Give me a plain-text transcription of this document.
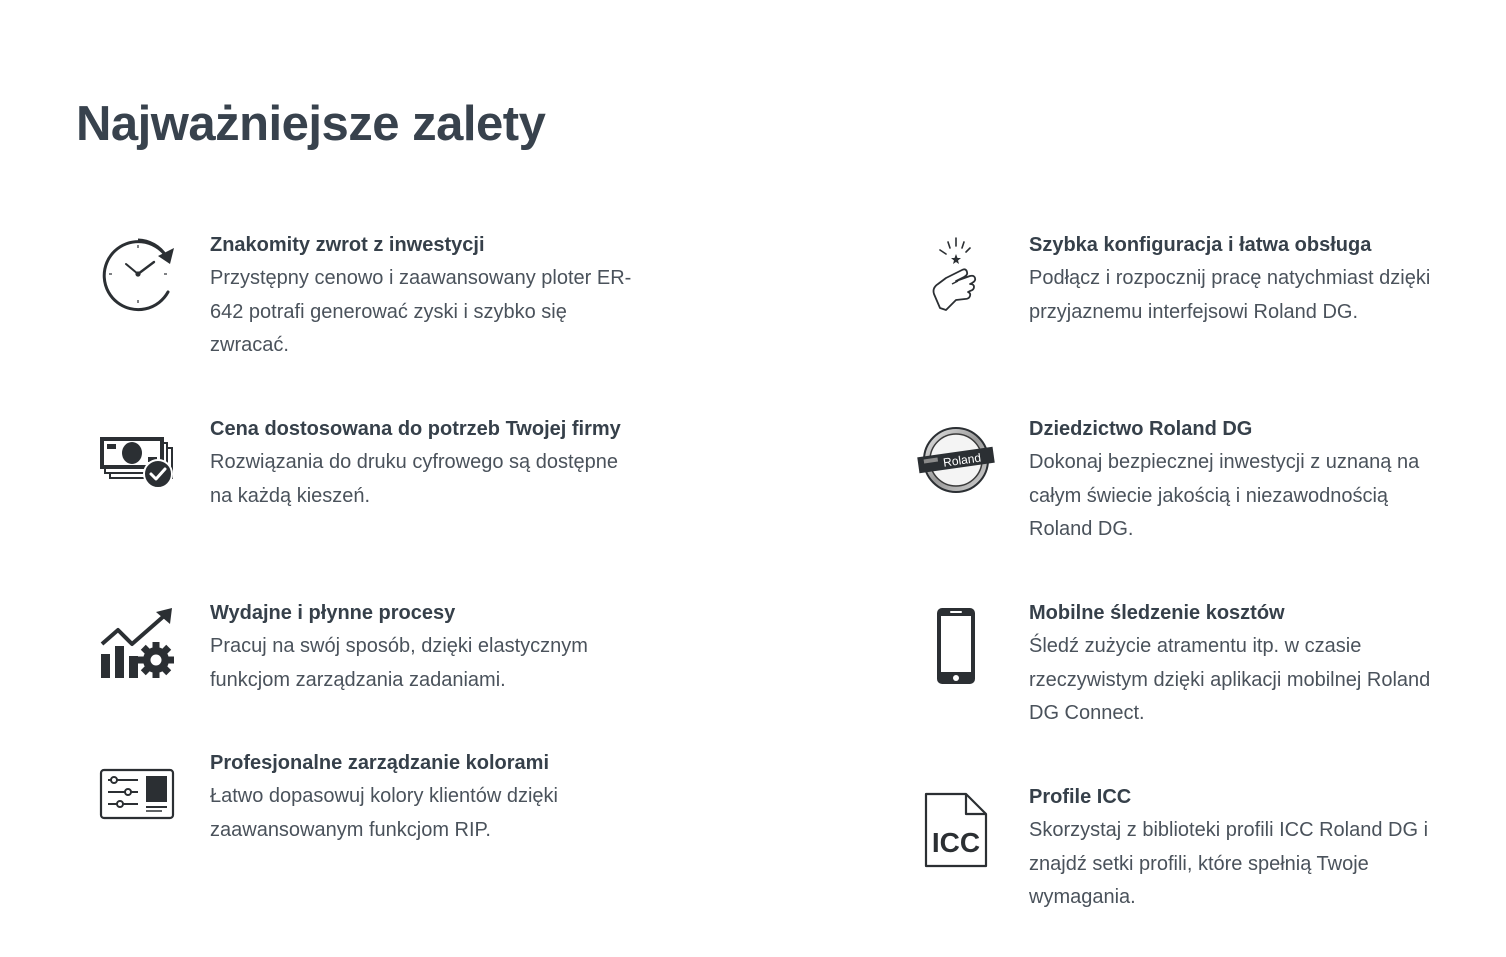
Najważniejsze zalety

Znakomity zwrot z inwestycji

Przystępny cenowo i zaawansowany ploter ER-642 potrafi generować zyski i szybko się zwracać.

Cena dostosowana do potrzeb Twojej firmy

Rozwiązania do druku cyfrowego są dostępne na każdą kieszeń.

Wydajne i płynne procesy

Pracuj na swój sposób, dzięki elastycznym funkcjom zarządzania zadaniami.

Profesjonalne zarządzanie kolorami

Łatwo dopasowuj kolory klientów dzięki zaawansowanym funkcjom RIP.

Szybka konfiguracja i łatwa obsługa

Podłącz i rozpocznij pracę natychmiast dzięki przyjaznemu interfejsowi Roland DG.

Roland

Dziedzictwo Roland DG

Dokonaj bezpiecznej inwestycji z uznaną na całym świecie jakością i niezawodnością Roland DG.

Mobilne śledzenie kosztów

Śledź zużycie atramentu itp. w czasie rzeczywistym dzięki aplikacji mobilnej Roland DG Connect.

ICC

Profile ICC

Skorzystaj z biblioteki profili ICC Roland DG i znajdź setki profili, które spełnią Twoje wymagania.
